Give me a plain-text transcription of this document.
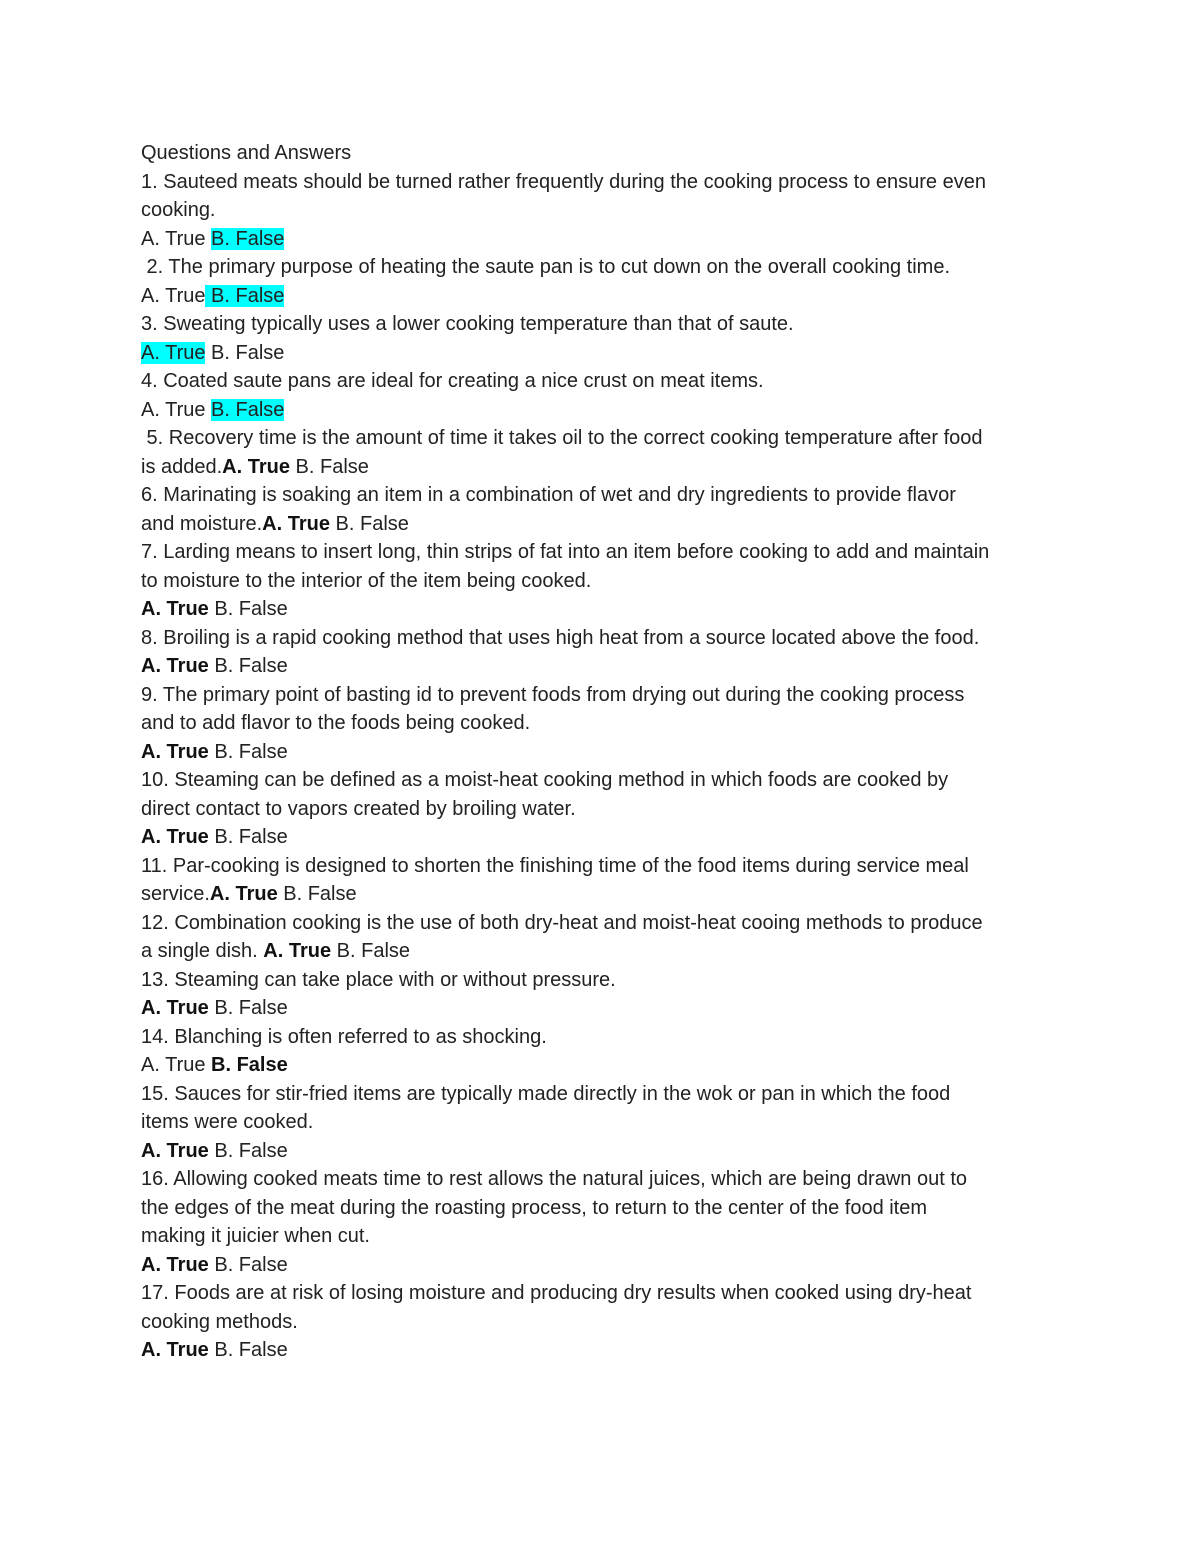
Questions and Answers
1. Sauteed meats should be turned rather frequently during the cooking process to ensure even
cooking.
A. True B. False
2. The primary purpose of heating the saute pan is to cut down on the overall cooking time.
A. True B. False
3. Sweating typically uses a lower cooking temperature than that of saute.
A. True B. False
4. Coated saute pans are ideal for creating a nice crust on meat items.
A. True B. False
5. Recovery time is the amount of time it takes oil to the correct cooking temperature after food
is added.A. True B. False
6. Marinating is soaking an item in a combination of wet and dry ingredients to provide flavor
and moisture.A. True B. False
7. Larding means to insert long, thin strips of fat into an item before cooking to add and maintain
to moisture to the interior of the item being cooked.
A. True B. False
8. Broiling is a rapid cooking method that uses high heat from a source located above the food.
A. True B. False
9. The primary point of basting id to prevent foods from drying out during the cooking process
and to add flavor to the foods being cooked.
A. True B. False
10. Steaming can be defined as a moist-heat cooking method in which foods are cooked by
direct contact to vapors created by broiling water.
A. True B. False
11. Par-cooking is designed to shorten the finishing time of the food items during service meal
service.A. True B. False
12. Combination cooking is the use of both dry-heat and moist-heat cooing methods to produce
a single dish. A. True B. False
13. Steaming can take place with or without pressure.
A. True B. False
14. Blanching is often referred to as shocking.
A. True B. False
15. Sauces for stir-fried items are typically made directly in the wok or pan in which the food
items were cooked.
A. True B. False
16. Allowing cooked meats time to rest allows the natural juices, which are being drawn out to
the edges of the meat during the roasting process, to return to the center of the food item
making it juicier when cut.
A. True B. False
17. Foods are at risk of losing moisture and producing dry results when cooked using dry-heat
cooking methods.
A. True B. False
